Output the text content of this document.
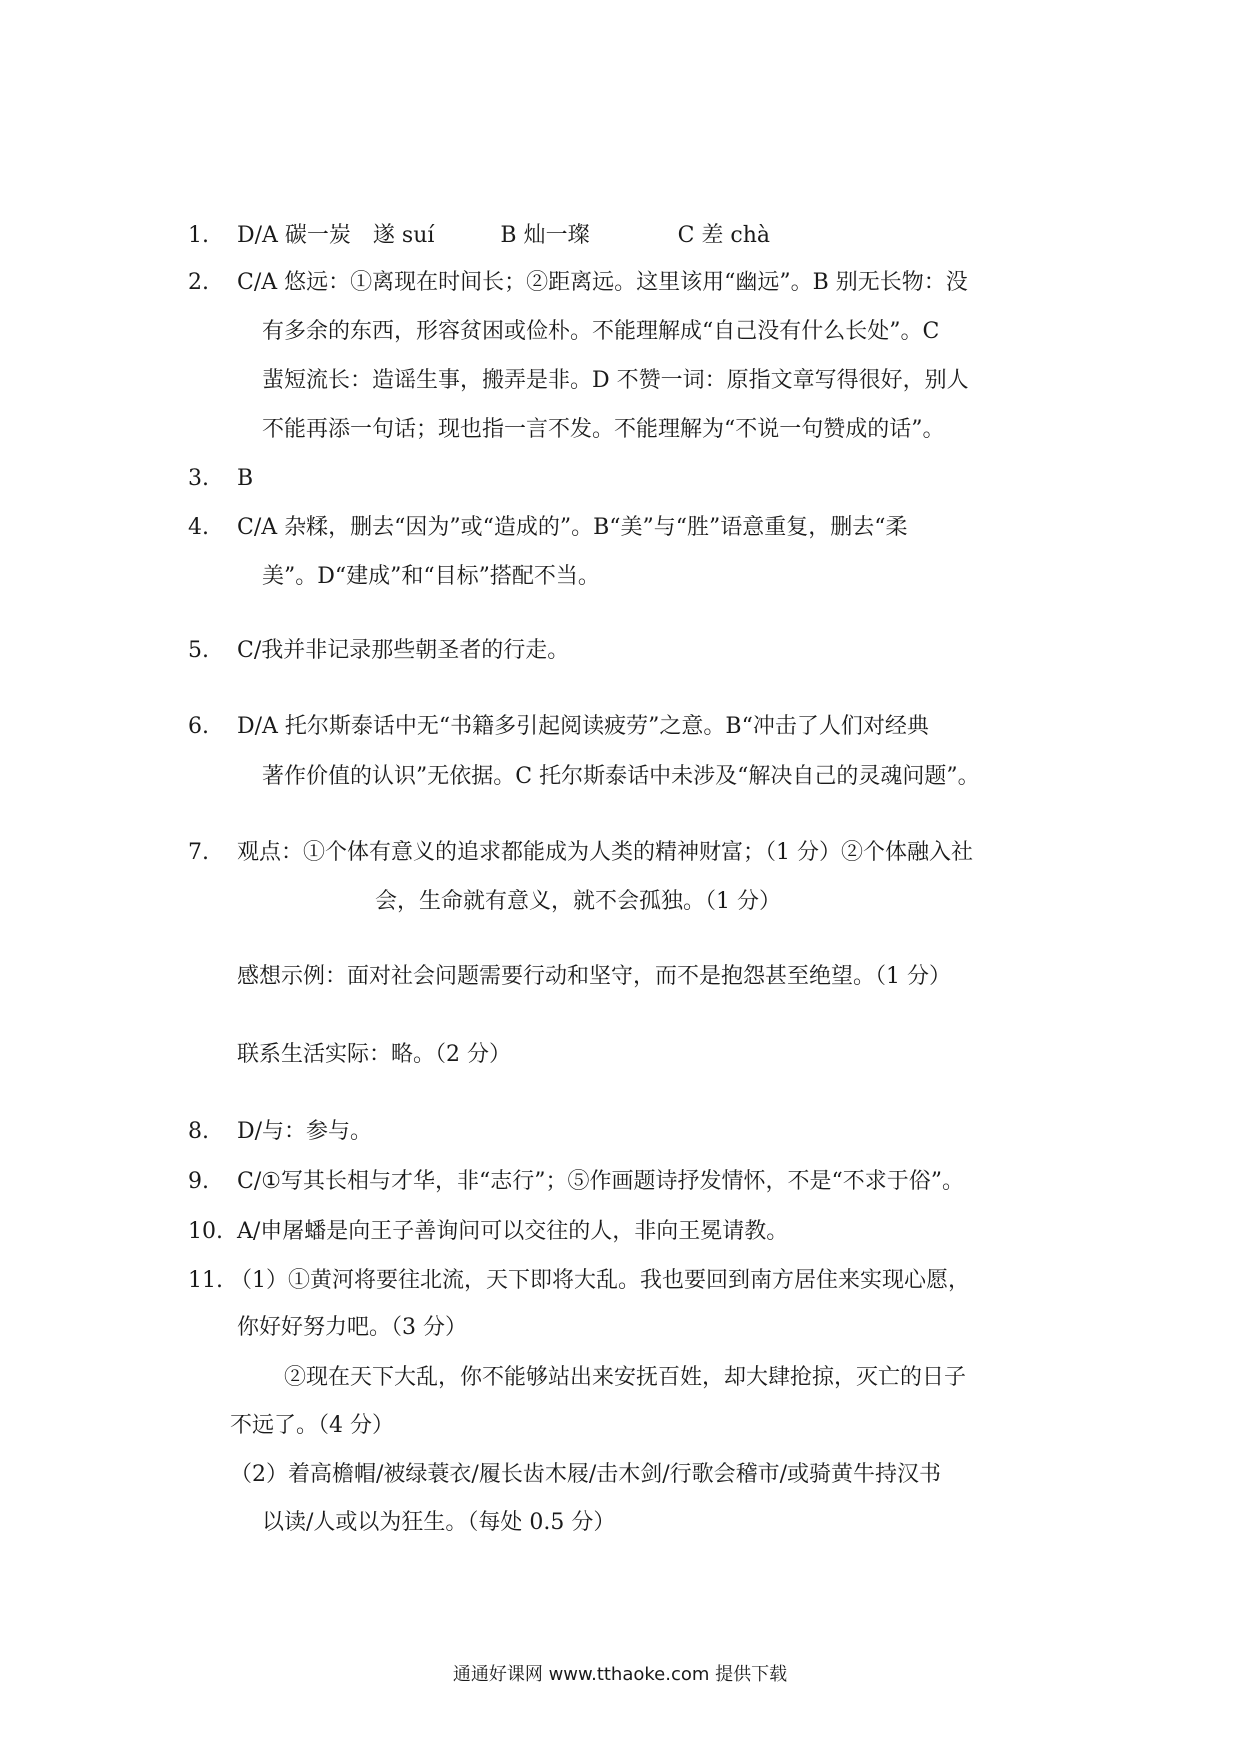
1. D/A 碳一炭　遂 suí　　　B 灿一璨　　　　C 差 chà
2. C/A 悠远：①离现在时间长；②距离远。这里该用“幽远”。B 别无长物：没
有多余的东西，形容贫困或俭朴。不能理解成“自己没有什么长处”。C
蜚短流长：造谣生事，搬弄是非。D 不赞一词：原指文章写得很好，别人
不能再添一句话；现也指一言不发。不能理解为“不说一句赞成的话”。
3. B
4. C/A 杂糅，删去“因为”或“造成的”。B“美”与“胜”语意重复，删去“柔
美”。D“建成”和“目标”搭配不当。
5. C/我并非记录那些朝圣者的行走。
6. D/A 托尔斯泰话中无“书籍多引起阅读疲劳”之意。B“冲击了人们对经典
著作价值的认识”无依据。C 托尔斯泰话中未涉及“解决自己的灵魂问题”。
7. 观点：①个体有意义的追求都能成为人类的精神财富；（1 分）②个体融入社
会，生命就有意义，就不会孤独。（1 分）
感想示例：面对社会问题需要行动和坚守，而不是抱怨甚至绝望。（1 分）
联系生活实际：略。（2 分）
8. D/与：参与。
9. C/①写其长相与才华，非“志行”；⑤作画题诗抒发情怀，不是“不求于俗”。
10. A/申屠蟠是向王子善询问可以交往的人，非向王冕请教。
11. （1）①黄河将要往北流，天下即将大乱。我也要回到南方居住来实现心愿，
你好好努力吧。（3 分）
②现在天下大乱，你不能够站出来安抚百姓，却大肆抢掠，灭亡的日子
不远了。（4 分）
（2）着高檐帽/被绿蓑衣/履长齿木屐/击木剑/行歌会稽市/或骑黄牛持汉书
以读/人或以为狂生。（每处 0.5 分）
通通好课网 www.tthaoke.com 提供下载
